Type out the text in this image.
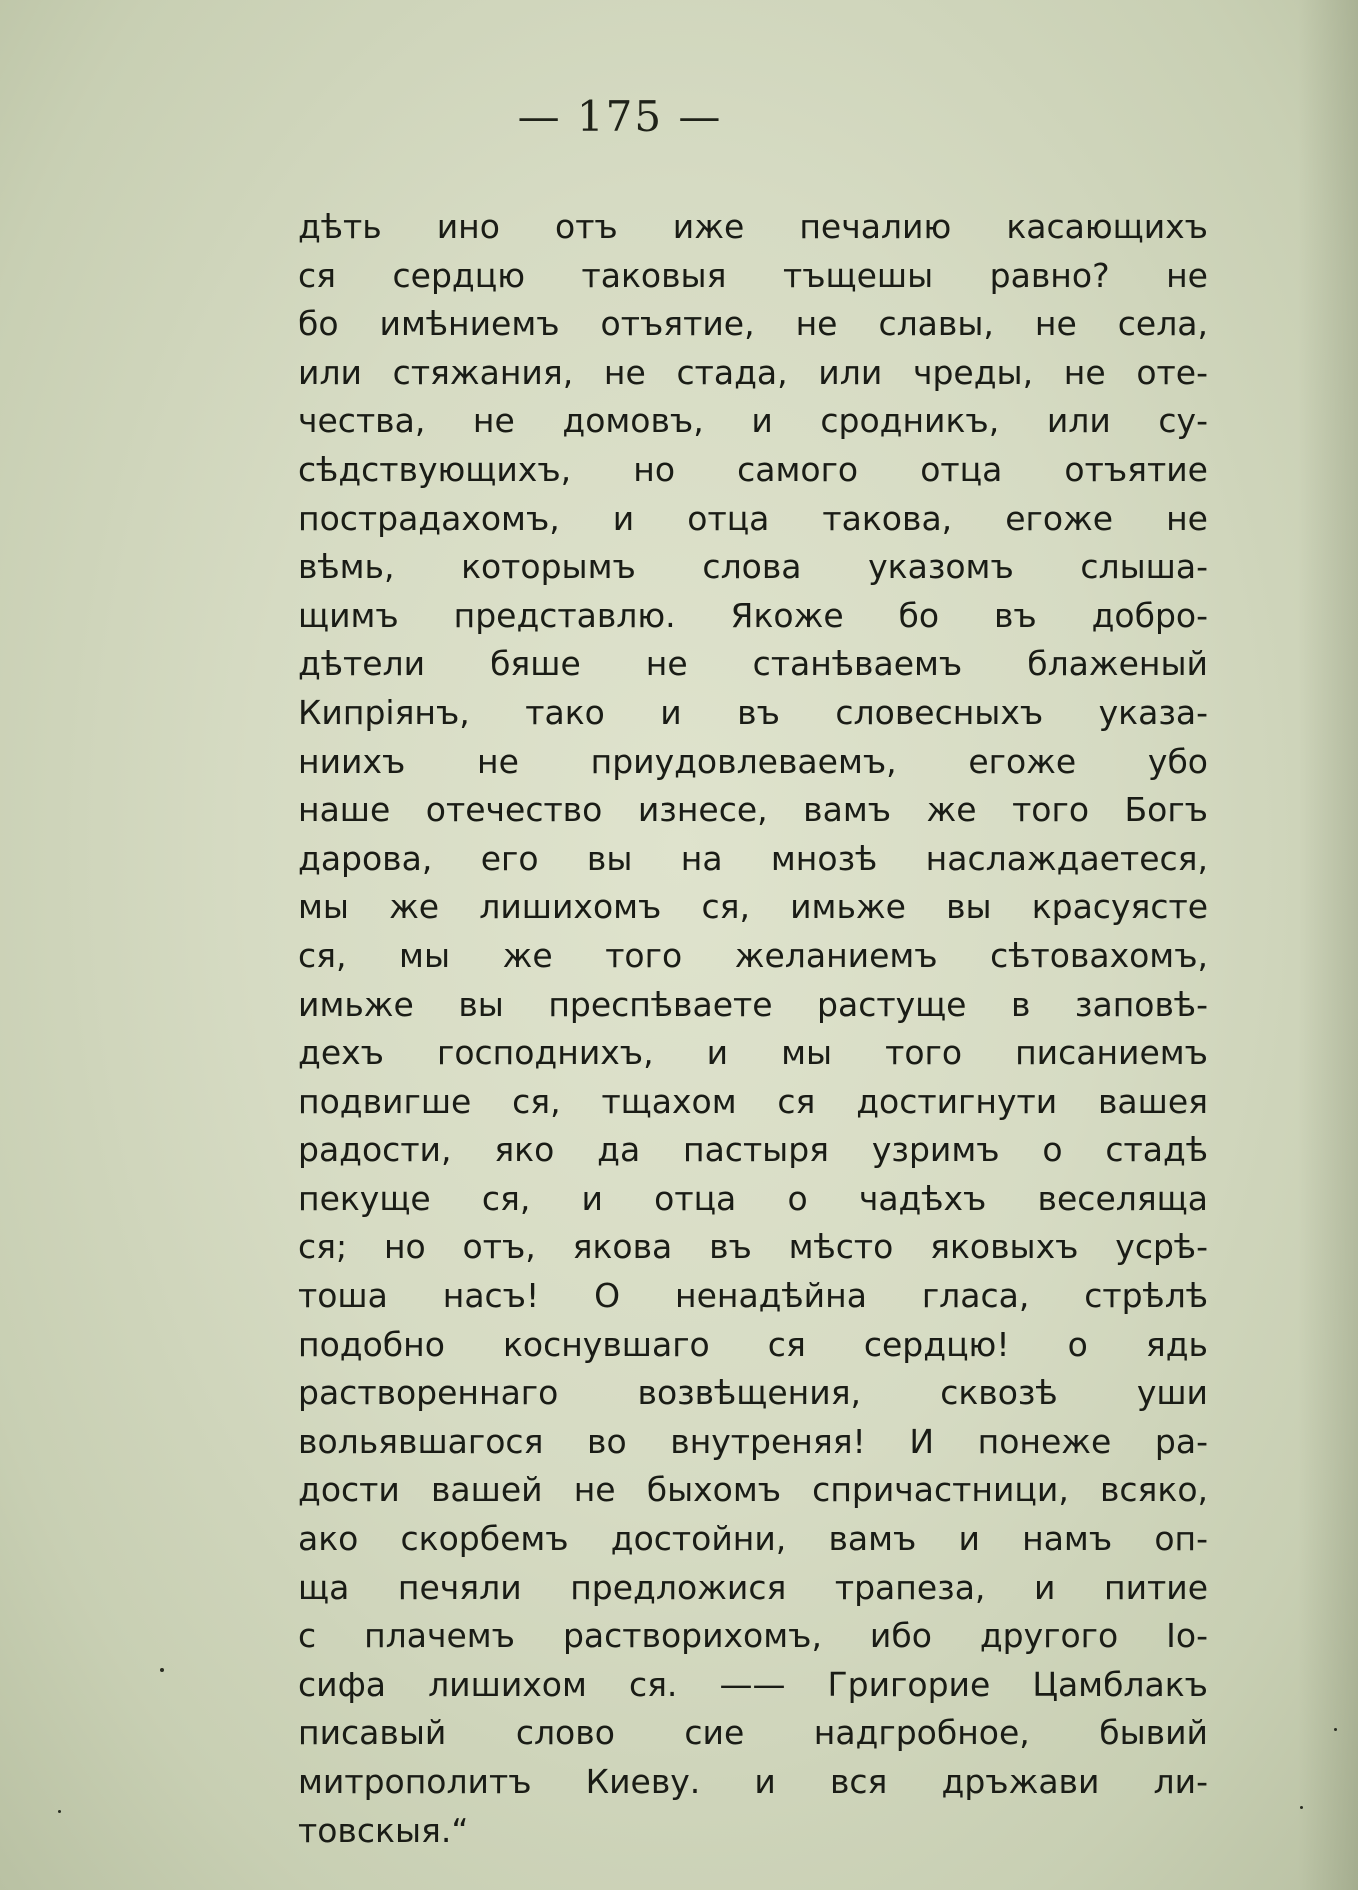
— 175 —
дѣть ино отъ иже печалию касающихъ
ся сердцю таковыя тъщешы равно? не
бо имѣниемъ отъятие, не славы, не села,
или стяжания, не стада, или чреды, не оте-
чества, не домовъ, и сродникъ, или су-
сѣдствующихъ, но самого отца отъятие
пострадахомъ, и отца такова, егоже не
вѣмь, которымъ слова указомъ слыша-
щимъ представлю. Якоже бо въ добро-
дѣтели бяше не станѣваемъ блаженый
Кипріянъ, тако и въ словесныхъ указа-
ниихъ не приудовлеваемъ, егоже убо
наше отечество изнесе, вамъ же того Богъ
дарова, его вы на мнозѣ наслаждаетеся,
мы же лишихомъ ся, имьже вы красуясте
ся, мы же того желаниемъ сѣтовахомъ,
имьже вы преспѣваете растуще в заповѣ-
дехъ господнихъ, и мы того писаниемъ
подвигше ся, тщахом ся достигнути вашея
радости, яко да пастыря узримъ о стадѣ
пекуще ся, и отца о чадѣхъ веселяща
ся; но отъ, якова въ мѣсто яковыхъ усрѣ-
тоша насъ! О ненадѣйна гласа, стрѣлѣ
подобно коснувшаго ся сердцю! о ядь
раствореннаго возвѣщения, сквозѣ уши
вольявшагося во внутреняя! И понеже ра-
дости вашей не быхомъ спричастници, всяко,
ако скорбемъ достойни, вамъ и намъ оп-
ща печяли предложися трапеза, и питие
с плачемъ растворихомъ, ибо другого Іо-
сифа лишихом ся. —— Григорие Цамблакъ
писавый слово сие надгробное, бывий
митрополитъ Киеву. и вся дръжави ли-
товскыя.“
